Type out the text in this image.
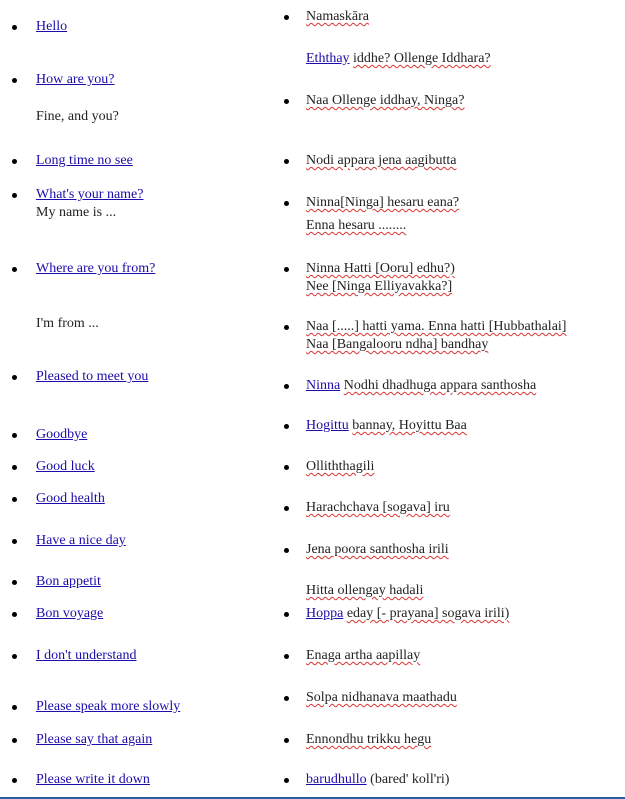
Hello
How are you?
Fine, and you?
Long time no see
What's your name?
My name is ...
Where are you from?
I'm from ...
Pleased to meet you
Goodbye
Good luck
Good health
Have a nice day
Bon appetit
Bon voyage
I don't understand
Please speak more slowly
Please say that again
Please write it down
Namaskāra
Eththay iddhe? Ollenge Iddhara?
Naa Ollenge iddhay, Ninga?
Nodi appara jena aagibutta
Ninna[Ninga] hesaru eana?
Enna hesaru ........
Ninna Hatti [Ooru] edhu?)
Nee [Ninga Elliyavakka?]
Naa [.....] hatti yama. Enna hatti [Hubbathalai]
Naa [Bangalooru ndha] bandhay
Ninna Nodhi dhadhuga appara santhosha
Hogittu bannay, Hoyittu Baa
Olliththagili
Harachchava [sogava] iru
Jena poora santhosha irili
Hitta ollengay hadali
Hoppa eday [- prayana] sogava irili)
Enaga artha aapillay
Solpa nidhanava maathadu
Ennondhu trikku hegu
barudhullo (bared' koll'ri)
